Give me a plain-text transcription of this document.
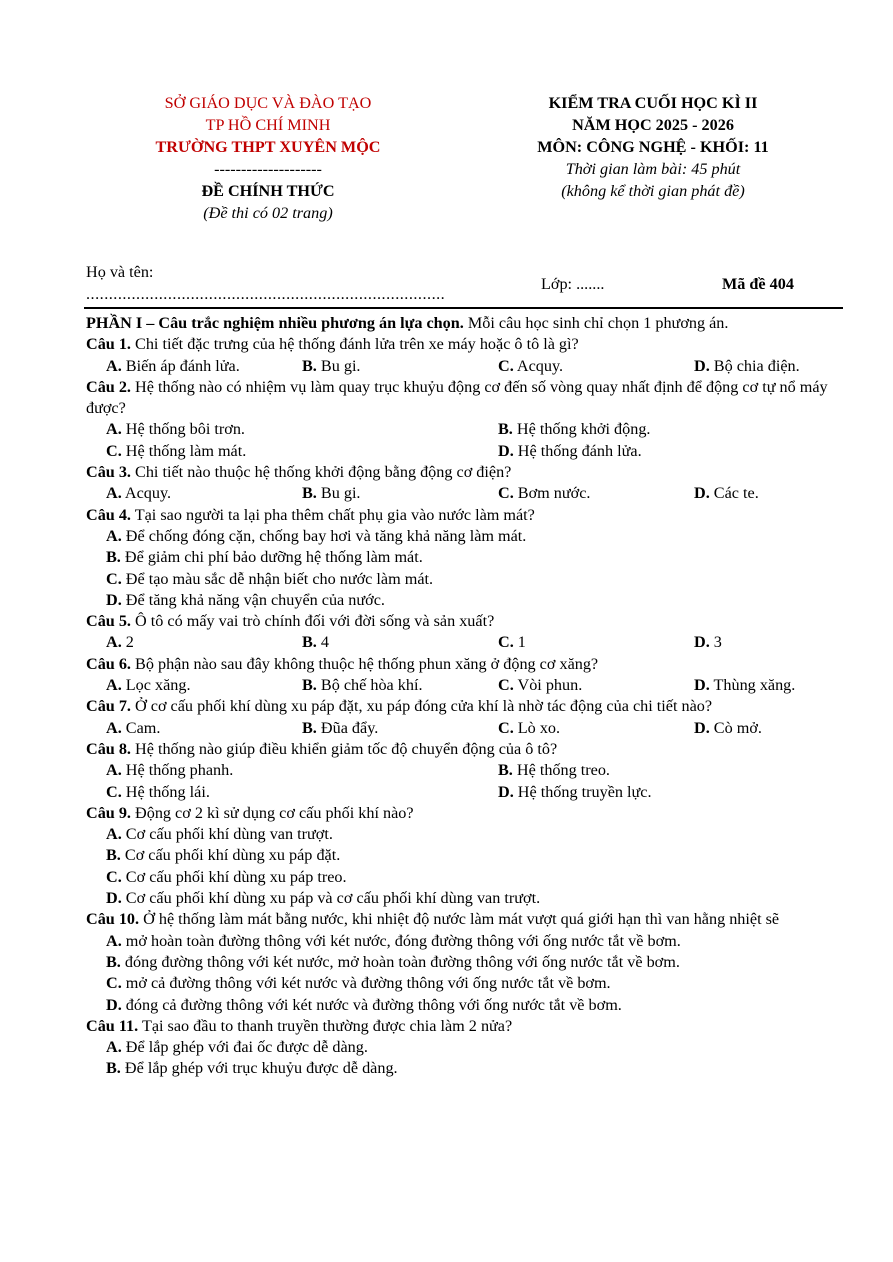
SỞ GIÁO DỤC VÀ ĐÀO TẠO
TP HỒ CHÍ MINH
TRƯỜNG THPT XUYÊN MỘC
--------------------
ĐỀ CHÍNH THỨC
(Đề thi có 02 trang)
KIỂM TRA CUỐI HỌC KÌ II
NĂM HỌC 2025 - 2026
MÔN: CÔNG NGHỆ - KHỐI: 11
Thời gian làm bài: 45 phút
(không kể thời gian phát đề)
Họ và tên:
...............................................................................
Lớp: .......	Mã đề 404

PHẦN I – Câu trắc nghiệm nhiều phương án lựa chọn. Mỗi câu học sinh chỉ chọn 1 phương án.

Câu 1. Chi tiết đặc trưng của hệ thống đánh lửa trên xe máy hoặc ô tô là gì?

A. Biến áp đánh lửa.	B. Bu gi.	C. Acquy.	D. Bộ chia điện.

Câu 2. Hệ thống nào có nhiệm vụ làm quay trục khuỷu động cơ đến số vòng quay nhất định để động cơ tự nổ máy được?

A. Hệ thống bôi trơn.	B. Hệ thống khởi động.
C. Hệ thống làm mát.	D. Hệ thống đánh lửa.

Câu 3. Chi tiết nào thuộc hệ thống khởi động bằng động cơ điện?

A. Acquy.	B. Bu gi.	C. Bơm nước.	D. Các te.

Câu 4. Tại sao người ta lại pha thêm chất phụ gia vào nước làm mát?

A. Để chống đóng cặn, chống bay hơi và tăng khả năng làm mát.

B. Để giảm chi phí bảo dưỡng hệ thống làm mát.

C. Để tạo màu sắc dễ nhận biết cho nước làm mát.

D. Để tăng khả năng vận chuyển của nước.

Câu 5. Ô tô có mấy vai trò chính đối với đời sống và sản xuất?

A. 2	B. 4	C. 1	D. 3

Câu 6. Bộ phận nào sau đây không thuộc hệ thống phun xăng ở động cơ xăng?

A. Lọc xăng.	B. Bộ chế hòa khí.	C. Vòi phun.	D. Thùng xăng.

Câu 7. Ở cơ cấu phối khí dùng xu páp đặt, xu páp đóng cửa khí là nhờ tác động của chi tiết nào?

A. Cam.	B. Đũa đẩy.	C. Lò xo.	D. Cò mở.

Câu 8. Hệ thống nào giúp điều khiển giảm tốc độ chuyển động của ô tô?

A. Hệ thống phanh.	B. Hệ thống treo.
C. Hệ thống lái.	D. Hệ thống truyền lực.

Câu 9. Động cơ 2 kì sử dụng cơ cấu phối khí nào?

A. Cơ cấu phối khí dùng van trượt.

B. Cơ cấu phối khí dùng xu páp đặt.

C. Cơ cấu phối khí dùng xu páp treo.

D. Cơ cấu phối khí dùng xu páp và cơ cấu phối khí dùng van trượt.

Câu 10. Ở hệ thống làm mát bằng nước, khi nhiệt độ nước làm mát vượt quá giới hạn thì van hằng nhiệt sẽ

A. mở hoàn toàn đường thông với két nước, đóng đường thông với ống nước tắt về bơm.

B. đóng đường thông với két nước, mở hoàn toàn đường thông với ống nước tắt về bơm.

C. mở cả đường thông với két nước và đường thông với ống nước tắt về bơm.

D. đóng cả đường thông với két nước và đường thông với ống nước tắt về bơm.

Câu 11. Tại sao đầu to thanh truyền thường được chia làm 2 nửa?

A. Để lắp ghép với đai ốc được dễ dàng.

B. Để lắp ghép với trục khuỷu được dễ dàng.
